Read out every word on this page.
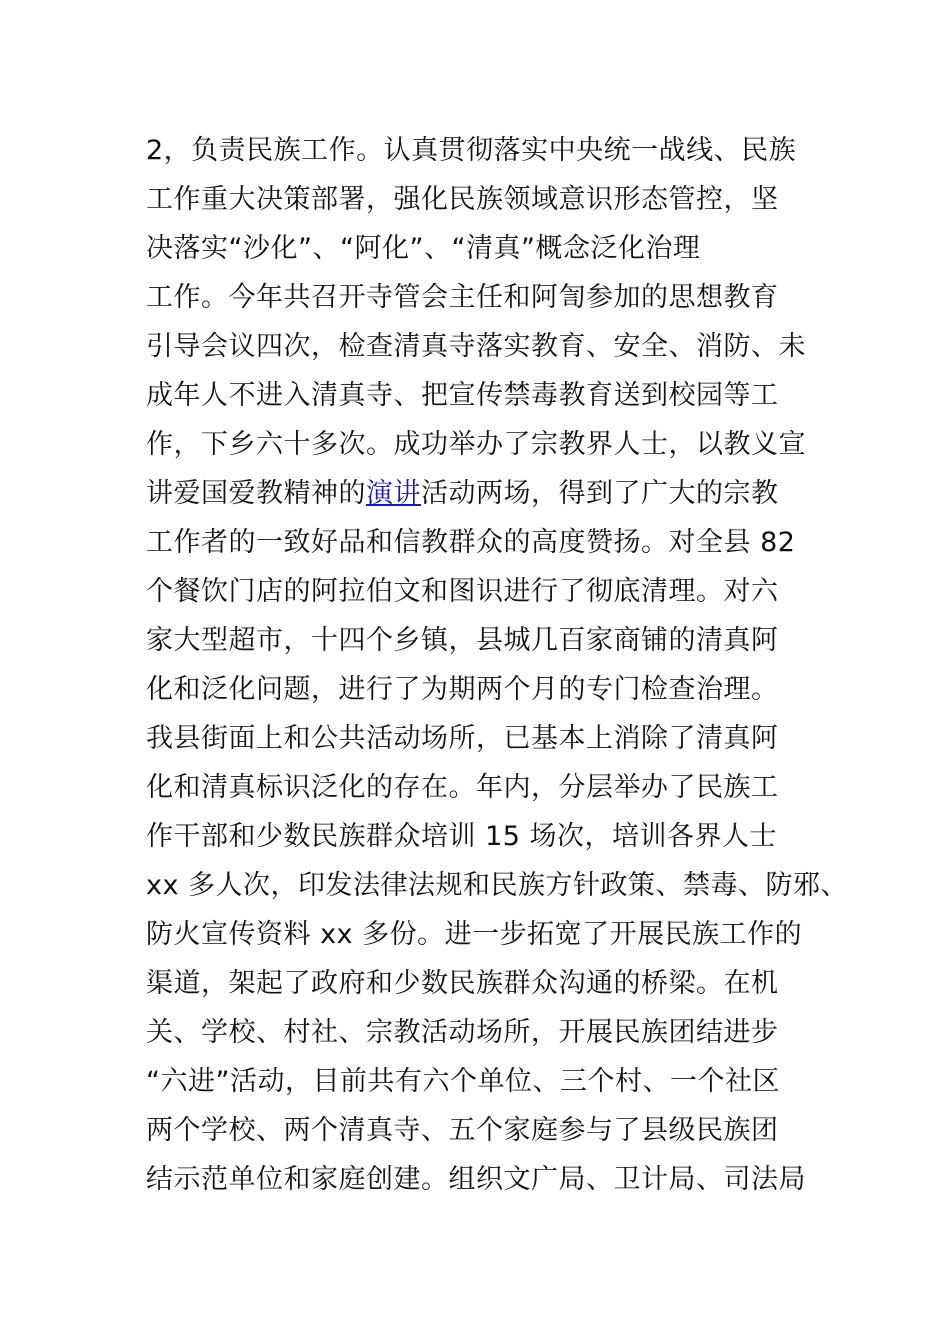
2，负责民族工作。认真贯彻落实中央统一战线、民族
工作重大决策部署，强化民族领域意识形态管控，坚
决落实“沙化”、“阿化”、“清真”概念泛化治理
工作。今年共召开寺管会主任和阿訇参加的思想教育
引导会议四次，检查清真寺落实教育、安全、消防、未
成年人不进入清真寺、把宣传禁毒教育送到校园等工
作，下乡六十多次。成功举办了宗教界人士，以教义宣
讲爱国爱教精神的演讲活动两场，得到了广大的宗教
工作者的一致好品和信教群众的高度赞扬。对全县 82
个餐饮门店的阿拉伯文和图识进行了彻底清理。对六
家大型超市，十四个乡镇，县城几百家商铺的清真阿
化和泛化问题，进行了为期两个月的专门检查治理。
我县街面上和公共活动场所，已基本上消除了清真阿
化和清真标识泛化的存在。年内，分层举办了民族工
作干部和少数民族群众培训 15 场次，培训各界人士
xx 多人次，印发法律法规和民族方针政策、禁毒、防邪、
防火宣传资料 xx 多份。进一步拓宽了开展民族工作的
渠道，架起了政府和少数民族群众沟通的桥梁。在机
关、学校、村社、宗教活动场所，开展民族团结进步
“六进”活动，目前共有六个单位、三个村、一个社区
两个学校、两个清真寺、五个家庭参与了县级民族团
结示范单位和家庭创建。组织文广局、卫计局、司法局
